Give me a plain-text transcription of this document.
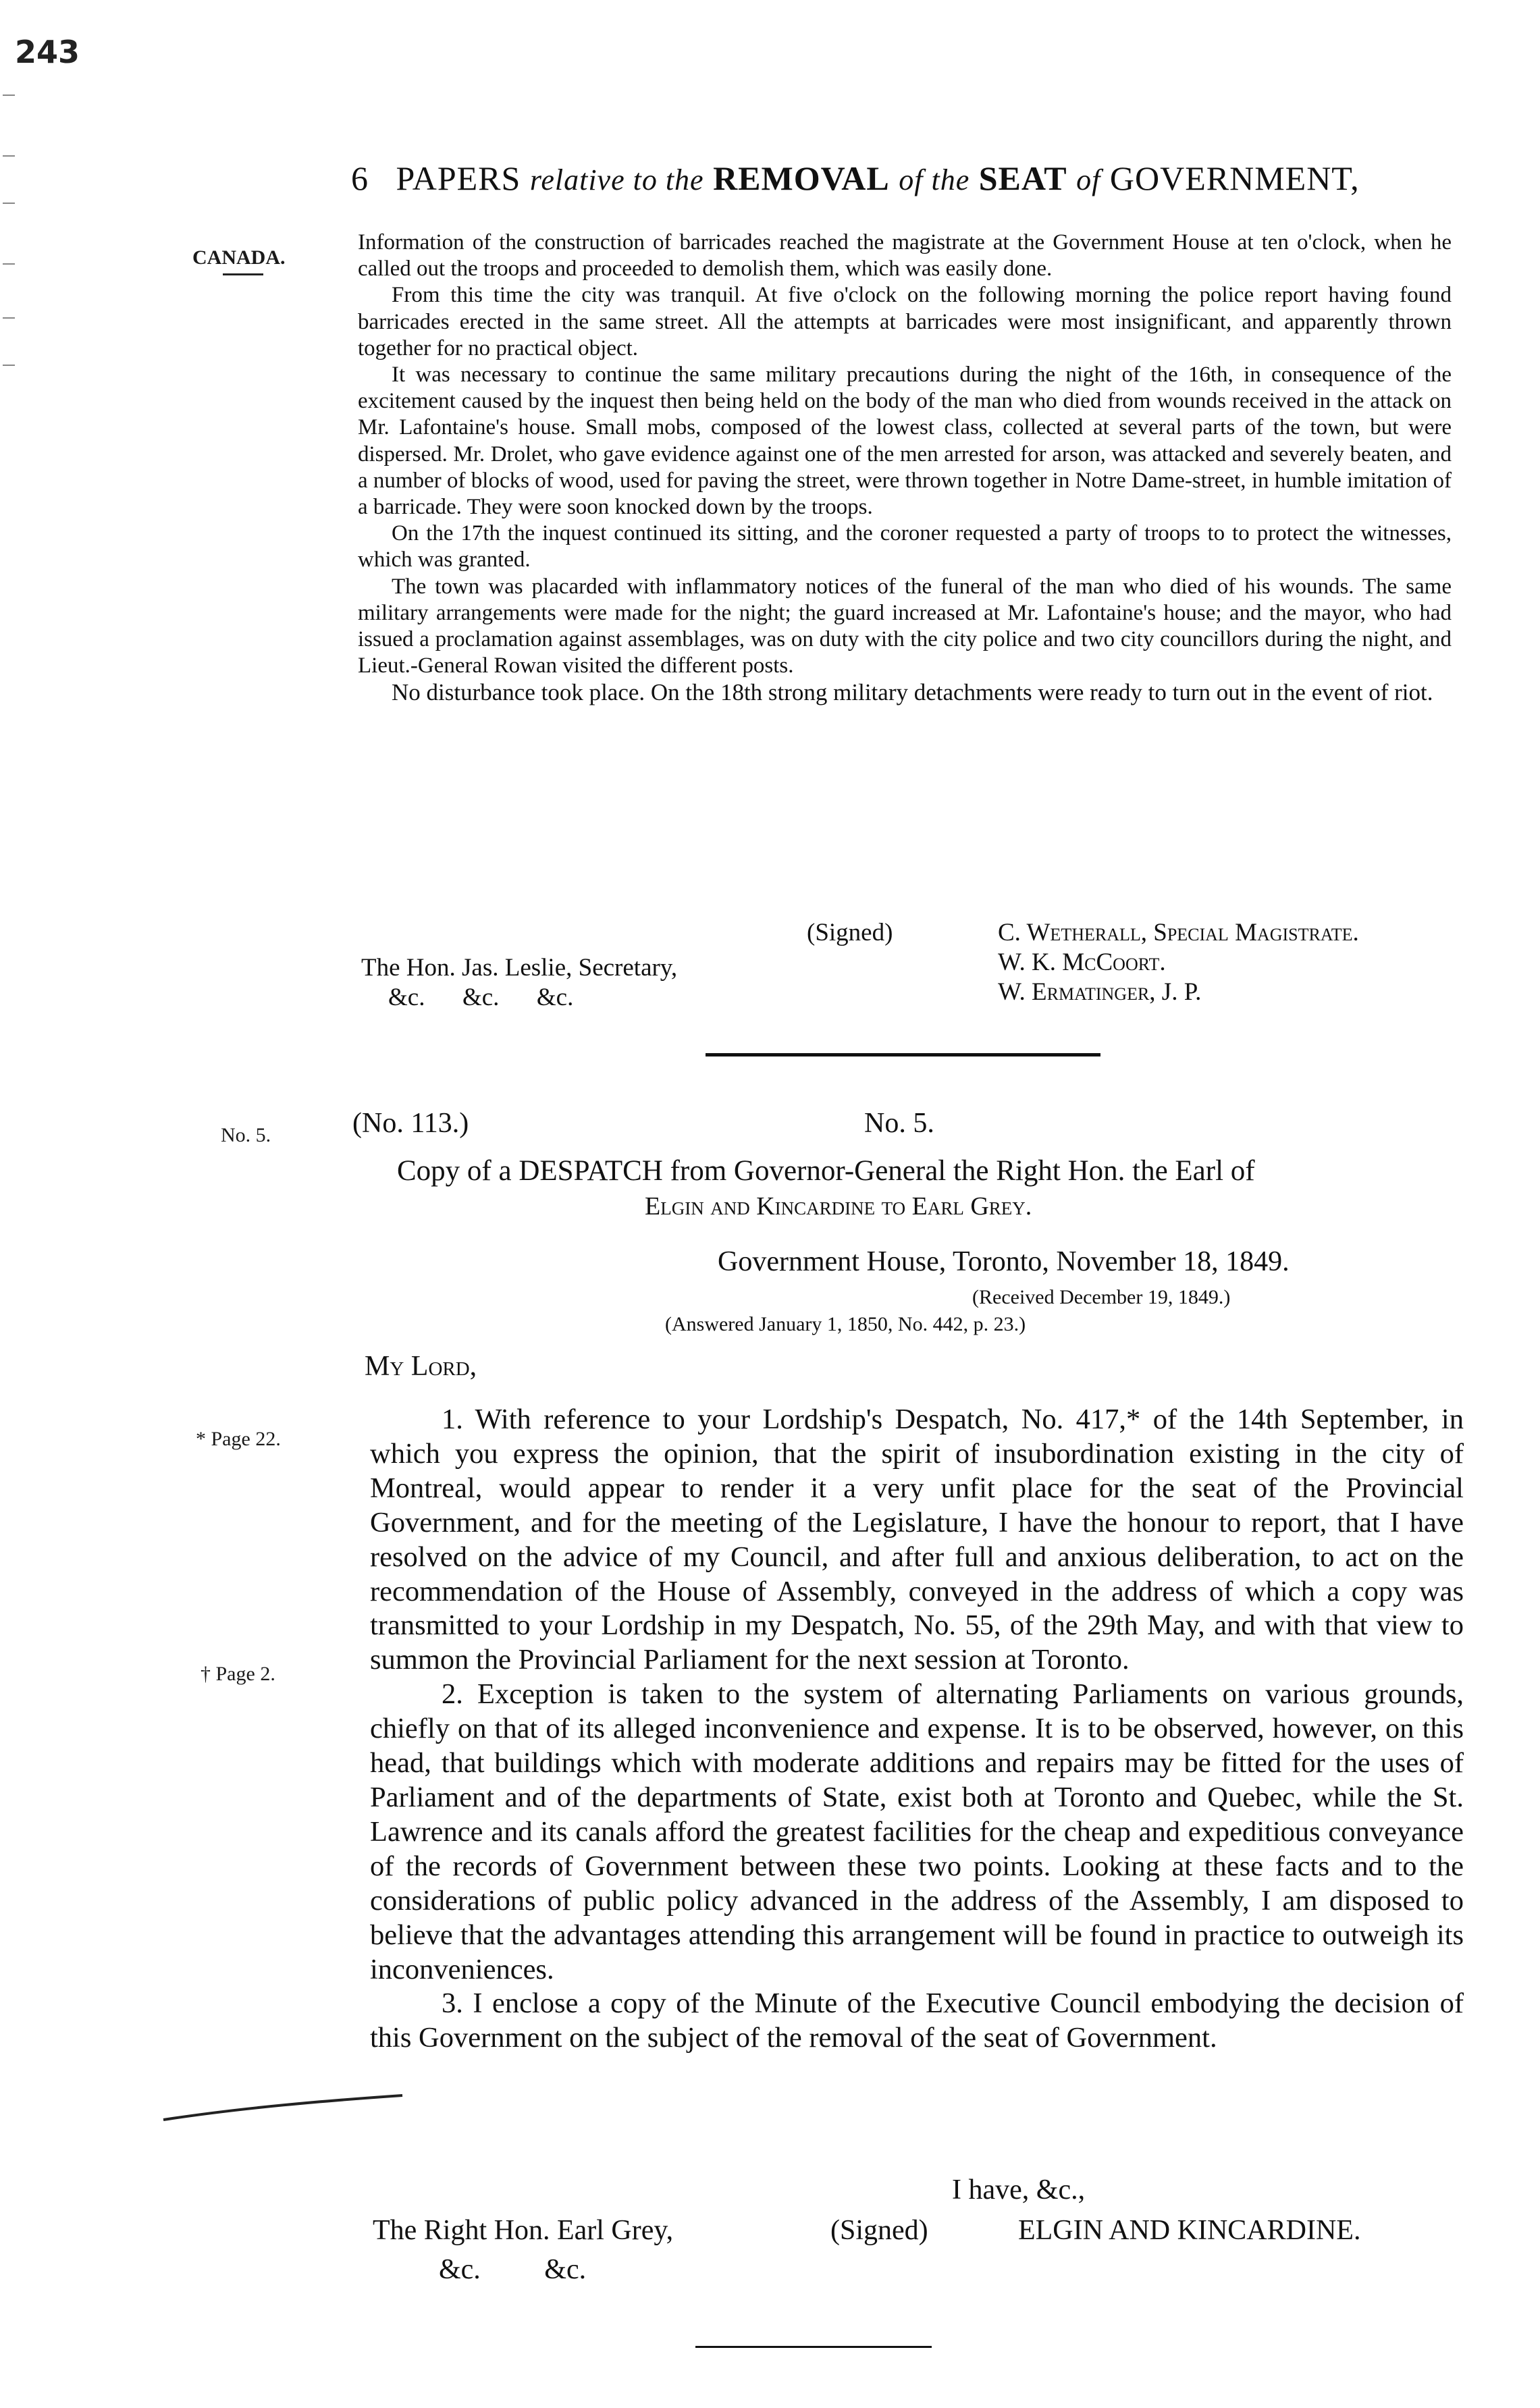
243
6 PAPERS relative to the REMOVAL of the SEAT of GOVERNMENT,
CANADA.
No. 5.
* Page 22.
† Page 2.

Information of the construction of barricades reached the magistrate at the Government House at ten o'clock, when he called out the troops and proceeded to demolish them, which was easily done.

From this time the city was tranquil. At five o'clock on the following morning the police report having found barricades erected in the same street. All the attempts at barricades were most insignificant, and apparently thrown together for no practical object.

It was necessary to continue the same military precautions during the night of the 16th, in consequence of the excitement caused by the inquest then being held on the body of the man who died from wounds received in the attack on Mr. Lafontaine's house. Small mobs, composed of the lowest class, collected at several parts of the town, but were dispersed. Mr. Drolet, who gave evidence against one of the men arrested for arson, was attacked and severely beaten, and a number of blocks of wood, used for paving the street, were thrown together in Notre Dame-street, in humble imitation of a barricade. They were soon knocked down by the troops.

On the 17th the inquest continued its sitting, and the coroner requested a party of troops to to protect the witnesses, which was granted.

The town was placarded with inflammatory notices of the funeral of the man who died of his wounds. The same military arrangements were made for the night; the guard increased at Mr. Lafontaine's house; and the mayor, who had issued a proclamation against assemblages, was on duty with the city police and two city councillors during the night, and Lieut.-General Rowan visited the different posts.

No disturbance took place. On the 18th strong military detachments were ready to turn out in the event of riot.

(Signed)	C. Wetherall, Special Magistrate.
W. K. McCoort.
W. Ermatinger, J. P.
The Hon. Jas. Leslie, Secretary,
&c.      &c.      &c.
(No. 113.)	No. 5.
Copy of a DESPATCH from Governor-General the Right Hon. the Earl of
Elgin and Kincardine to Earl Grey.
Government House, Toronto, November 18, 1849.
(Received December 19, 1849.)
(Answered January 1, 1850, No. 442, p. 23.)
My Lord,

1. With reference to your Lordship's Despatch, No. 417,* of the 14th September, in which you express the opinion, that the spirit of insubordination existing in the city of Montreal, would appear to render it a very unfit place for the seat of the Provincial Government, and for the meeting of the Legislature, I have the honour to report, that I have resolved on the advice of my Council, and after full and anxious deliberation, to act on the recommendation of the House of Assembly, conveyed in the address of which a copy was transmitted to your Lordship in my Despatch, No. 55, of the 29th May, and with that view to summon the Provincial Parliament for the next session at Toronto.

2. Exception is taken to the system of alternating Parliaments on various grounds, chiefly on that of its alleged inconvenience and expense. It is to be observed, however, on this head, that buildings which with moderate additions and repairs may be fitted for the uses of Parliament and of the departments of State, exist both at Toronto and Quebec, while the St. Lawrence and its canals afford the greatest facilities for the cheap and expeditious conveyance of the records of Government between these two points. Looking at these facts and to the considerations of public policy advanced in the address of the Assembly, I am disposed to believe that the advantages attending this arrangement will be found in practice to outweigh its inconveniences.

3. I enclose a copy of the Minute of the Executive Council embodying the decision of this Government on the subject of the removal of the seat of Government.

I have, &c.,
The Right Hon. Earl Grey,
&c.         &c.
(Signed)	ELGIN AND KINCARDINE.
